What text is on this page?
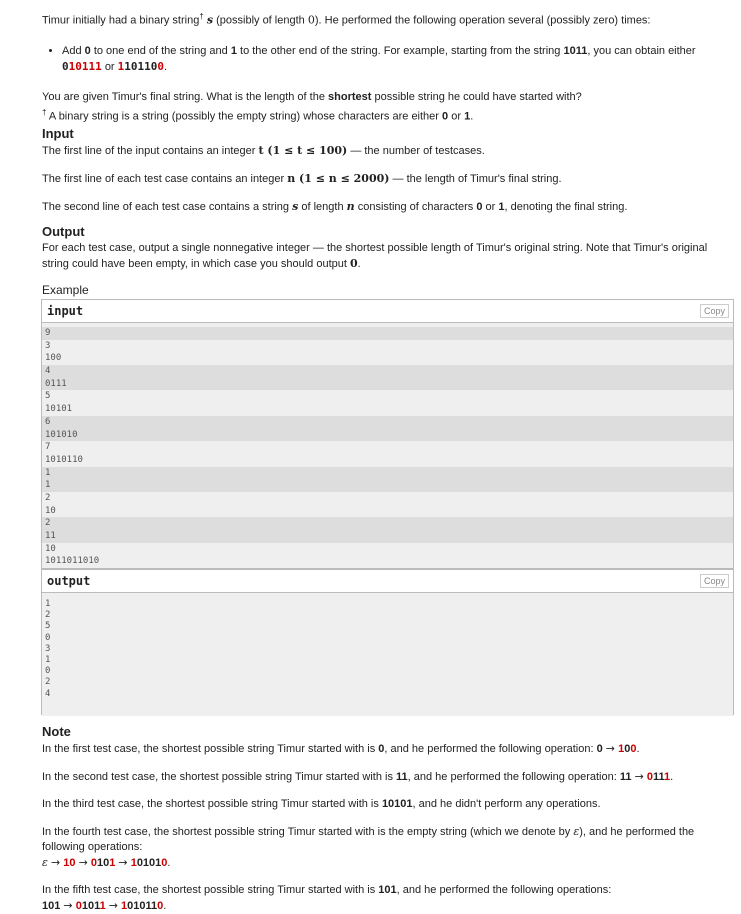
Timur initially had a binary string† s (possibly of length 0). He performed the following operation several (possibly zero) times:

• Add 0 to one end of the string and 1 to the other end of the string. For example, starting from the string 1011, you can obtain either
010111 or 1101100.

You are given Timur's final string. What is the length of the shortest possible string he could have started with?

† A binary string is a string (possibly the empty string) whose characters are either 0 or 1.

Input

The first line of the input contains an integer t (1 ≤ t ≤ 100) — the number of testcases.

The first line of each test case contains an integer n (1 ≤ n ≤ 2000) — the length of Timur's final string.

The second line of each test case contains a string s of length n consisting of characters 0 or 1, denoting the final string.

Output

For each test case, output a single nonnegative integer — the shortest possible length of Timur's original string. Note that Timur's original string could have been empty, in which case you should output 0.

Example
input	Copy
9
3
100
4
0111
5
10101
6
101010
7
1010110
1
1
2
10
2
11
10
1011011010
output	Copy
1
2
5
0
3
1
0
2
4
Note

In the first test case, the shortest possible string Timur started with is 0, and he performed the following operation: 0 → 100.

In the second test case, the shortest possible string Timur started with is 11, and he performed the following operation: 11 → 0111.

In the third test case, the shortest possible string Timur started with is 10101, and he didn't perform any operations.

In the fourth test case, the shortest possible string Timur started with is the empty string (which we denote by ε), and he performed the following operations:
ε → 10 → 0101 → 101010.

In the fifth test case, the shortest possible string Timur started with is 101, and he performed the following operations:
101 → 01011 → 1010110.
